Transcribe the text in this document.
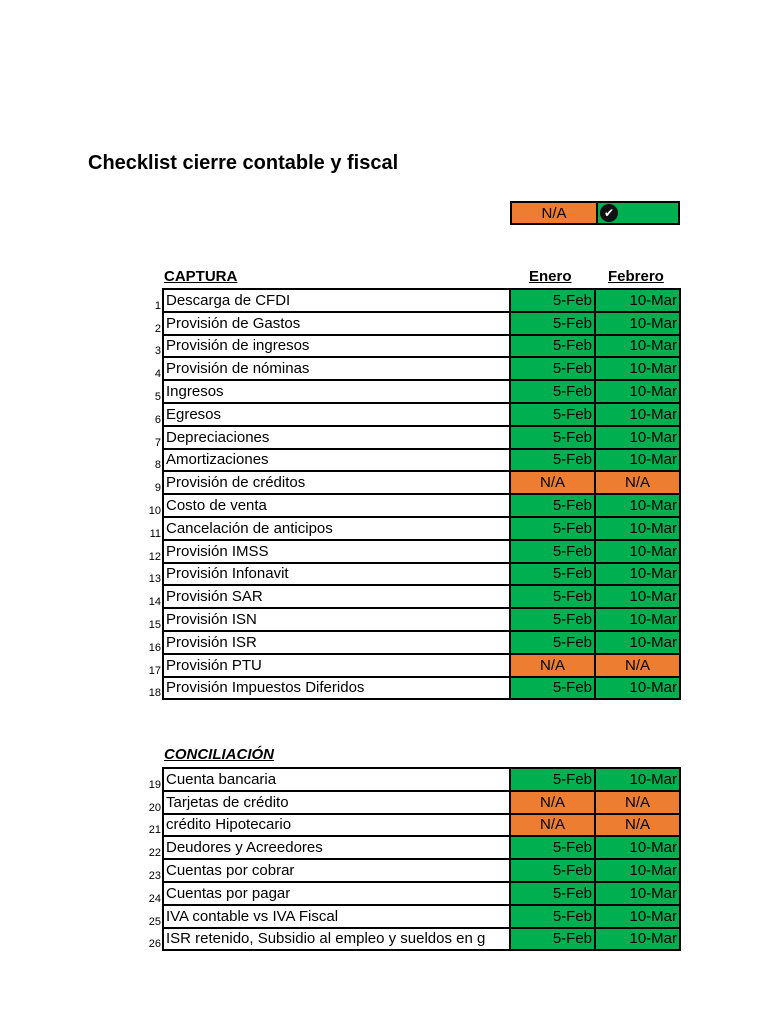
Checklist cierre contable y fiscal
N/A	✔
CAPTURA	Enero Febrero
1	Descarga de CFDI	5-Feb	10-Mar
2	Provisión de Gastos	5-Feb	10-Mar
3	Provisión de ingresos	5-Feb	10-Mar
4	Provisión de nóminas	5-Feb	10-Mar
5	Ingresos	5-Feb	10-Mar
6	Egresos	5-Feb	10-Mar
7	Depreciaciones	5-Feb	10-Mar
8	Amortizaciones	5-Feb	10-Mar
9	Provisión de créditos	N/A	N/A
10	Costo de venta	5-Feb	10-Mar
11	Cancelación de anticipos	5-Feb	10-Mar
12	Provisión IMSS	5-Feb	10-Mar
13	Provisión Infonavit	5-Feb	10-Mar
14	Provisión SAR	5-Feb	10-Mar
15	Provisión ISN	5-Feb	10-Mar
16	Provisión ISR	5-Feb	10-Mar
17	Provisión PTU	N/A	N/A
18	Provisión Impuestos Diferidos	5-Feb	10-Mar
CONCILIACIÓN
19	Cuenta bancaria	5-Feb	10-Mar
20	Tarjetas de crédito	N/A	N/A
21	crédito Hipotecario	N/A	N/A
22	Deudores y Acreedores	5-Feb	10-Mar
23	Cuentas por cobrar	5-Feb	10-Mar
24	Cuentas por pagar	5-Feb	10-Mar
25	IVA contable vs IVA Fiscal	5-Feb	10-Mar
26	ISR retenido, Subsidio al empleo y sueldos en g	5-Feb	10-Mar
